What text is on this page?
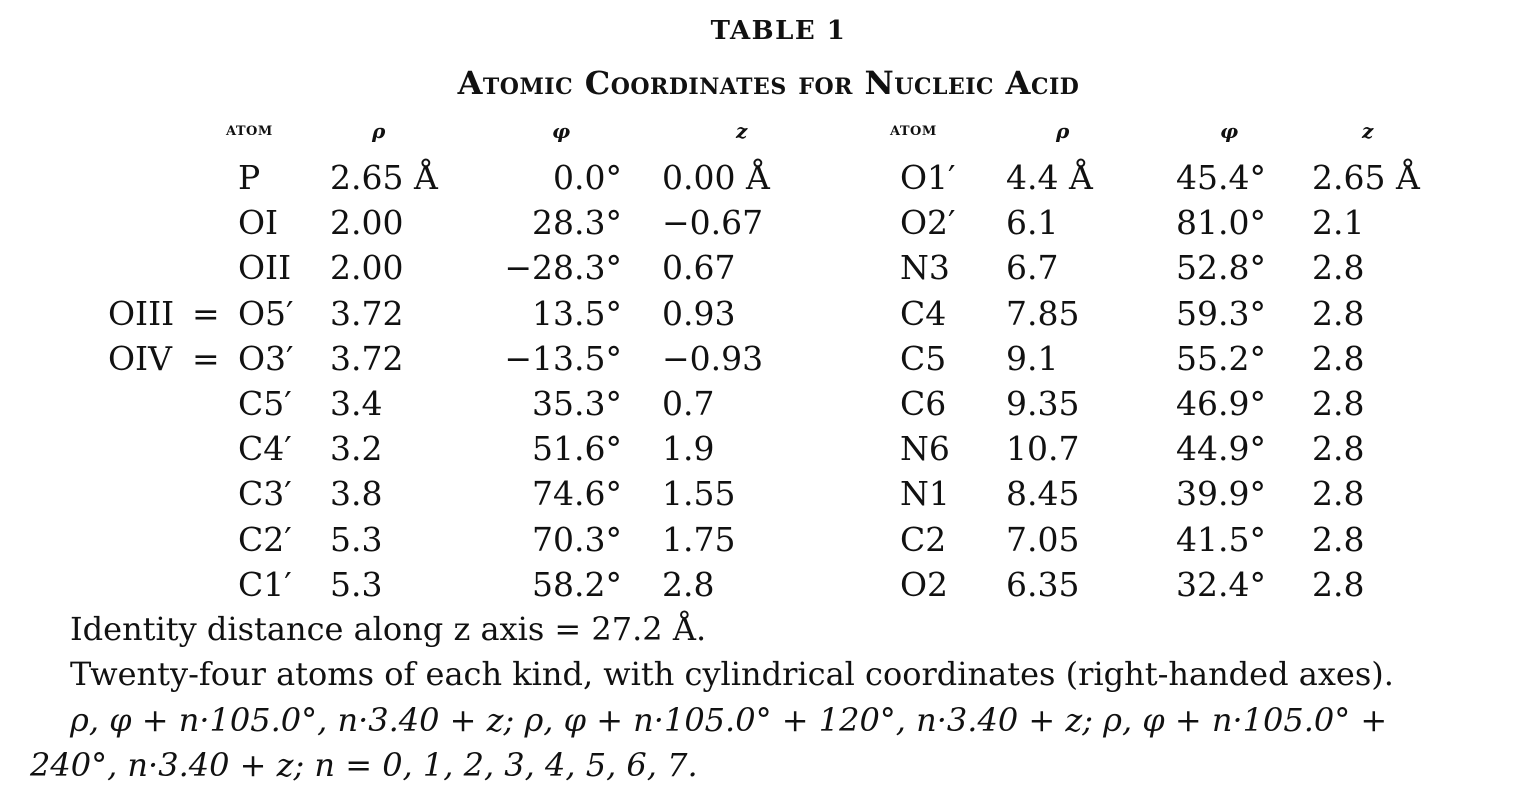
TABLE 1
Atomic Coordinates for Nucleic Acid
atom	ρ	φ	z	atom	ρ	φ	z
P 2.65 Å	0.0° 0.00 Å	O1′ 4.4 Å	45.4° 2.65 Å
OI 2.00	28.3° −0.67	O2′ 6.1	81.0° 2.1
OII 2.00	−28.3° 0.67	N3 6.7	52.8° 2.8
OIII = O5′ 3.72	13.5° 0.93	C4 7.85	59.3° 2.8
OIV = O3′ 3.72	−13.5° −0.93	C5 9.1	55.2° 2.8
C5′ 3.4	35.3° 0.7	C6 9.35	46.9° 2.8
C4′ 3.2	51.6° 1.9	N6 10.7	44.9° 2.8
C3′ 3.8	74.6° 1.55	N1 8.45	39.9° 2.8
C2′ 5.3	70.3° 1.75	C2 7.05	41.5° 2.8
C1′ 5.3	58.2° 2.8	O2 6.35	32.4° 2.8
Identity distance along z axis = 27.2 Å.
Twenty-four atoms of each kind, with cylindrical coordinates (right-handed axes).
ρ, φ + n·105.0°, n·3.40 + z; ρ, φ + n·105.0° + 120°, n·3.40 + z; ρ, φ + n·105.0° +
240°, n·3.40 + z; n = 0, 1, 2, 3, 4, 5, 6, 7.
